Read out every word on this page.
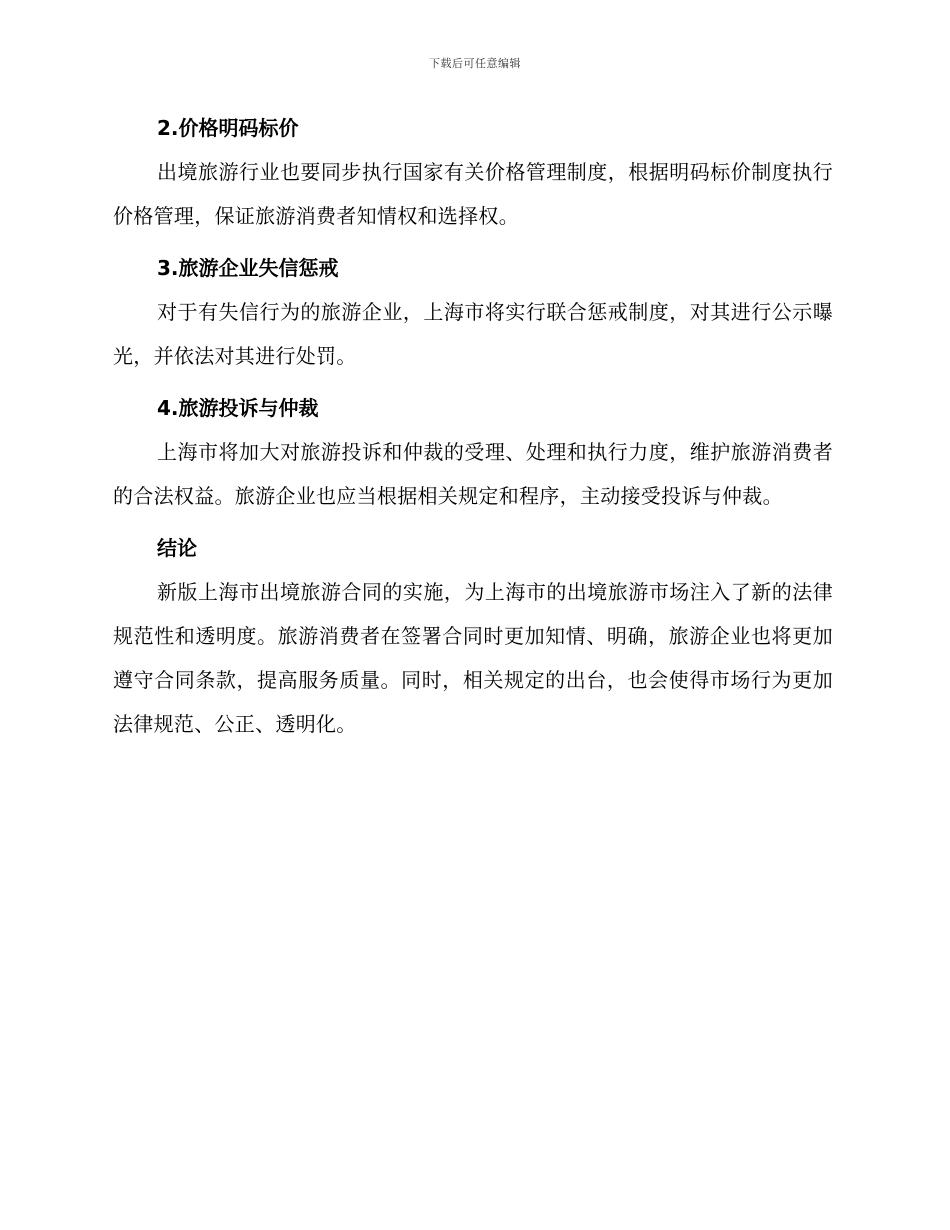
下载后可任意编辑
2.价格明码标价

出境旅游行业也要同步执行国家有关价格管理制度，根据明码标价制度执行价格管理，保证旅游消费者知情权和选择权。

3.旅游企业失信惩戒

对于有失信行为的旅游企业，上海市将实行联合惩戒制度，对其进行公示曝光，并依法对其进行处罚。

4.旅游投诉与仲裁

上海市将加大对旅游投诉和仲裁的受理、处理和执行力度，维护旅游消费者的合法权益。旅游企业也应当根据相关规定和程序，主动接受投诉与仲裁。

结论

新版上海市出境旅游合同的实施，为上海市的出境旅游市场注入了新的法律规范性和透明度。旅游消费者在签署合同时更加知情、明确，旅游企业也将更加遵守合同条款，提高服务质量。同时，相关规定的出台，也会使得市场行为更加法律规范、公正、透明化。
